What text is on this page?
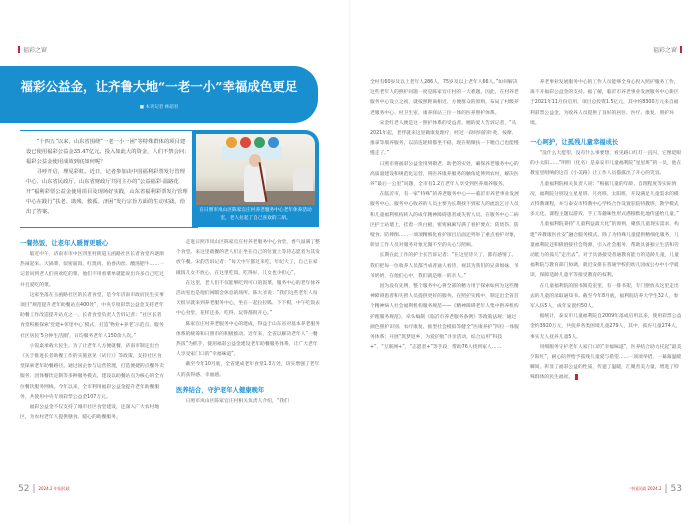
福彩之窗	福彩之窗
福彩公益金，让齐鲁大地“一老一小”幸福成色更足
■ 本刊记者 林超君

“十四五”以来，山东省围绕“一老一小一困”等特殊群体的项目建设已使用福彩公益金35.47亿元。投入如此大的资金，人们不禁会问：福彩公益金使用成效到底如何呢？

寻呼开启，理见彩虹。近日，记者参加由中国福利彩票发行管理中心、山东省民政厅、山东省财政厅共同主办的“公益福彩·温路花开”福利彩票公益金使用项目及现场好实践，山东省福利彩票发行管理中心在践行“扶老、助残、救孤、济困”发行宗旨方面的生动实践，给出了答案。	在日照市岚山区陈家官庄村养老服务中心老年休养活动室，老人拉起了自己喜欢的二胡。
一餐热饭，让老年人暖胃更暖心

临近中午，济南市市中区四里村街道玉函路社区长者食堂内逐渐热闹起来。大锅菜、似密面饭、红烧肉、鱼香肉丝、酸汤肥牛……一记者问到老人们喜欢吃的菜，他们不用看菜单就能说出许多自己吃过并且爱吃的菜。

这家坐落在玉函路社区的长者食堂，是今年济南市政府民生实事项目“规范提升老年助餐站点400处”，中央专项彩票公益金支持老年助餐工作改造提升站点之一。长者食堂负责人告诉记者：“社区长者食堂积极探索‘党建+邻里中心’模式，打造‘物业+养老’示范点，服务社区居民‘5分钟生活圈’，日均服务老年人150余人次。”

小饭桌承载大民生。为了让老年人方便就餐，济南市制定出台《关于推进长者助餐工作的实施意见（试行）》等政策，支持社区食堂探索老年助餐路径。通过国企参与运营管理，打造便捷的点餐外卖服务、团体餐饮定制等多种服务模式，建设以助餐站点为核心的全方位餐饮服务网线。今年以来，全市利用福彩公益金提升老年助餐服务，共使用中央专项彩票公益金107万元。

福彩公益金不仅支持了城市社区食堂建设，还深入广大农村地区，为农村老年人提供膳食、暖心的助餐服务。

走进日照市岚山区陈家官庄村养老服务中心食堂，香气溢满了整个食堂。来这里就餐的老人们正坐在自己的位置上等待志愿者为其发放午餐。宋韵告诉记者：“每天中午都过来吃，年纪大了，自己在家做饭儿女不放心，在这里吃饭，吃得好，儿女也少担心”。

在这里，老人们不仅能够吃到可口的饭菜，服务中心的老年休养活动室也是他们闲暇会休息的场所。陈大爷说：“我们这些老年人每天很早就来到养老服务中心，坐在一起拉拉呱、下下棋，中午吃饭去中心食堂，花样还多，吃得、玩得都很开心。”

陈家官庄村养老服务中心的建成，得益于山东省对基本养老服务体系的统筹和日照市的积极推动。近年来，全省以解决老年人“一餐热饭”为抓手，使用福彩公益金建设老年助餐服务体系，让广大老年人享受家门口的“幸福味道”。

截至今年10月底，全省建成老年食堂1.3万处，切实增强了老年人的获得感、幸福感。

医养结合，守护老年人健康晚年

日照市岚山区陈家官庄村相关负责人介绍，“我们

全村有60岁及以上老年人286人，75岁及以上老年人66人。”如何解决这些老年人的照护问题一度是陈家官庄村的一大难题。因此，在村养老服务中心设立之初，就按照距离相近、方便群众的原则，布局了村级养老服务中心、村卫生室、康养驿站三位一体的医养照护体系。

宋金红老人便是这一照护体系的受益者。她的爱人告诉记者，“从2021年起，老伴就来这里做康复理疗，经过一段时间的针灸、按摩、推拿等康养服务，以前连轮椅都坐不稳，现在稍微扶一下她自己也能慢慢走了。”

日照市将福彩公益金用到敬老、助老的实处，确保养老服务中心的高质量建设和规范化运营，将医养康养服务的触角延伸到农村，解决医养“最后一公里”问题，全市有1.2万老年人享受到医养康养服务。

在临沂市，有一家“特殊”的养老服务中心——临沂市养老事业发展服务中心。服务中心收养的人员主要为长期找不到家人的流浪乞讨人员和儿童福利机构转入的成年精神障碍患者或失智人员。在服务中心二病区护士站墙上，挂着一块白板，密密麻麻写满了看护要点：防烫伤、防噎食、防摔倒……一项项精细化看护项目后面还列举了重点看护对象，彰显工作人员对服务对象无微不至的关心与照顾。

长期在此工作的护士长告诉记者：“在这里待久了，都有感情了。我们把每一位收养人员都当成普通人看待，视其为我们的兄弟姐妹、爷爷奶奶，在他们心中，我们就是唯一的亲人。”

因为没有先例，整个服务中心将全部的精力用于探索如何为这些精神障碍患者和失智人员提供更好的服务。在照护实践中，制定出全省首个精神病人社会福利机构服务规范——《精神障碍老年人集中供养机构护理服务规范》，牵头编制《临沂市养老服务条例》等政策法规；通过颜色照护识别、农疗康复、推型社会模拟等健全“医康养护”四位一体服务体系；开展“筑梦返乡，为爱护航”寻亲活动，综合运用“科技+”、“互联网+”、“志愿者+”等手段，帮助76人找到家人……

养老事业发展服务中心的工作人员能够全身心投入照护服务工作，离不开福彩公益金的支持。据了解，临沂市养老事业发展服务中心新区于2021年11月份启用，项目总投资1.5亿元，其中约8300万元来自福利彩票公益金，为收养人员提供了良好的居住、医疗、康复、照护环境。

一心呵护，让孤残儿童幸福成长

“没什么大愿望，没有什么事要想，看见路口红灯一直闪，它像眨眼的小太阳……”明明（化名）是泰安市儿童福利院“星星班”的一员，他在教室里唱响的这首《小美路》让工作人员都露出了开心的笑容。

儿童福利院相关负责人说：“根据儿童的年龄、自理程度等实际情况，福利院分别设立星星班、月亮班、太阳班，开设满足儿童需求的模式特教课程，并与泰安市特教中心学校合作设置驻院特教班，教学模式多元化，课程主题以游戏、手工等趣味性形式潜移默化地传递给儿童。”

儿童福利院秉持“儿童利益最大化”的原则，聚焦儿童现实需求，构建“养教康医社安”融合服务模式。除了为特殊儿童提供精细化服务，儿童福利院还积极链接社会资源，引入社会服务，帮助具备独立生活和劳动能力的孤儿“走出去”。对于具备接受普通教育能力的适龄儿童，儿童福利院与教育部门协调，就近安排在普通学校的幼儿园或公办中小学就读，保障适龄儿童平等接受教育的权利。

在儿童福利院的图书阅览室里，有一排书架，专门摆放从这里走出去的儿童的录取通知书。截至今年8月底，福利院培养大学生32人，参军入伍5人，成年安置约50人。

据统计，泰安市儿童福利院自2009年落成启用以来，使用彩票公益金约3920万元，共抚养各类困境儿童279人，其中，孤弃儿童274人，事实无人抚养儿童5人。

用细服务守护老年人家门口的“幸福味道”，医养结合助力托起“最美夕阳红”，耐心陪伴给予孤残儿童爱与希望……一项项举措、一幕幕温暖瞬间，彰显了福彩公益的性质，传递了温暖，汇聚善美力量，增进了特殊群体的民生福祉。

52 | 2024.2 中国民政	中国民政 2024.2 | 53
